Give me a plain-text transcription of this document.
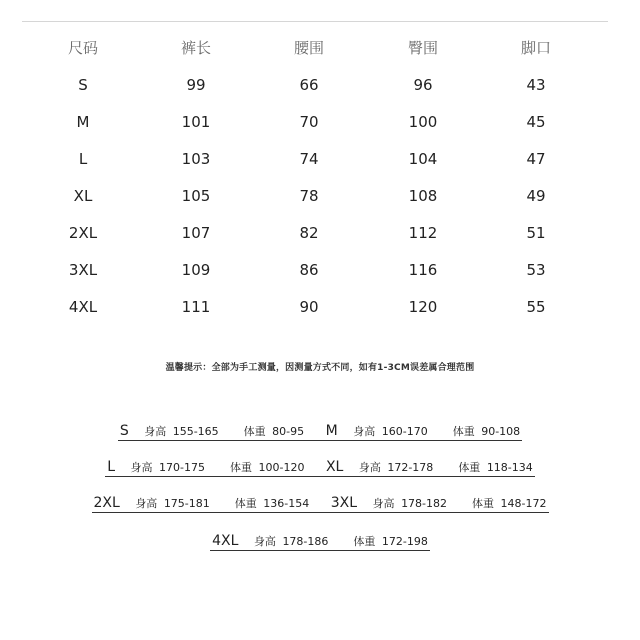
尺码	裤长	腰围	臀围	脚口
S	99	66	96	43
M	101	70	100	45
L	103	74	104	47
XL	105	78	108	49
2XL	107	82	112	51
3XL	109	86	116	53
4XL	111	90	120	55
温馨提示：全部为手工测量，因测量方式不同，如有1-3CM误差属合理范围
S 身高 155-165 体重 80-95 M 身高 160-170 体重 90-108
L 身高 170-175 体重 100-120 XL 身高 172-178 体重 118-134
2XL 身高 175-181 体重 136-154 3XL 身高 178-182 体重 148-172
4XL 身高 178-186 体重 172-198
